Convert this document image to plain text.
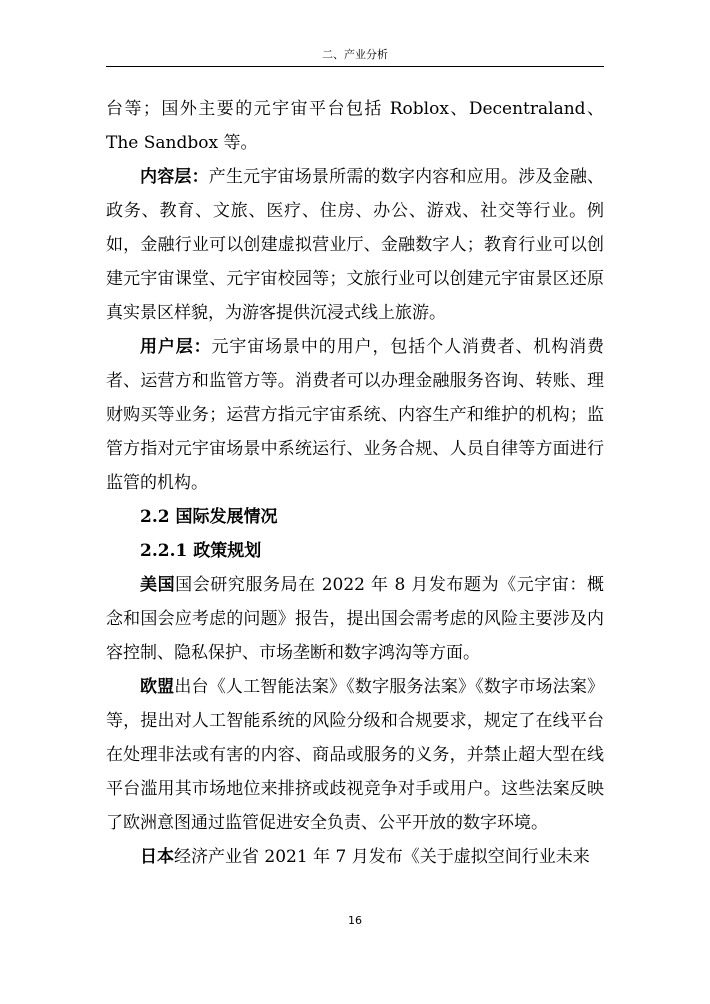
二、产业分析

台等；国外主要的元宇宙平台包括 Roblox、Decentraland、The Sandbox 等。

内容层：产生元宇宙场景所需的数字内容和应用。涉及金融、政务、教育、文旅、医疗、住房、办公、游戏、社交等行业。例如，金融行业可以创建虚拟营业厅、金融数字人；教育行业可以创建元宇宙课堂、元宇宙校园等；文旅行业可以创建元宇宙景区还原真实景区样貌，为游客提供沉浸式线上旅游。

用户层：元宇宙场景中的用户，包括个人消费者、机构消费者、运营方和监管方等。消费者可以办理金融服务咨询、转账、理财购买等业务；运营方指元宇宙系统、内容生产和维护的机构；监管方指对元宇宙场景中系统运行、业务合规、人员自律等方面进行监管的机构。

2.2 国际发展情况

2.2.1 政策规划

美国国会研究服务局在 2022 年 8 月发布题为《元宇宙：概念和国会应考虑的问题》报告，提出国会需考虑的风险主要涉及内容控制、隐私保护、市场垄断和数字鸿沟等方面。

欧盟出台《人工智能法案》《数字服务法案》《数字市场法案》等，提出对人工智能系统的风险分级和合规要求，规定了在线平台在处理非法或有害的内容、商品或服务的义务，并禁止超大型在线平台滥用其市场地位来排挤或歧视竞争对手或用户。这些法案反映了欧洲意图通过监管促进安全负责、公平开放的数字环境。

日本经济产业省 2021 年 7 月发布《关于虚拟空间行业未来

16
